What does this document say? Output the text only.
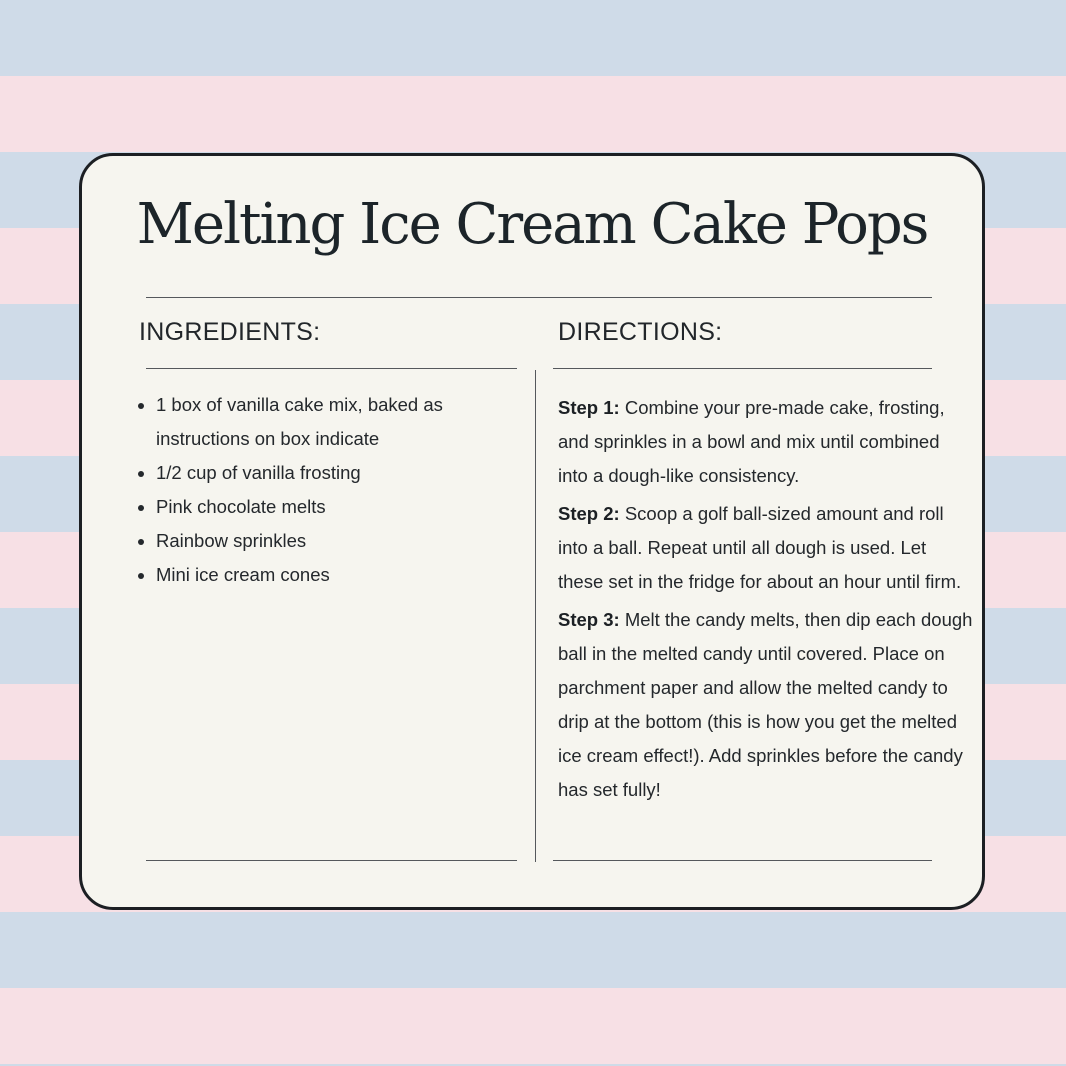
Melting Ice Cream Cake Pops
INGREDIENTS:	DIRECTIONS:
• 1 box of vanilla cake mix, baked as instructions on box indicate
• 1/2 cup of vanilla frosting
• Pink chocolate melts
• Rainbow sprinkles
• Mini ice cream cones

Step 1: Combine your pre-made cake, frosting, and sprinkles in a bowl and mix until combined into a dough-like consistency.

Step 2: Scoop a golf ball-sized amount and roll into a ball. Repeat until all dough is used. Let these set in the fridge for about an hour until firm.

Step 3: Melt the candy melts, then dip each dough ball in the melted candy until covered. Place on parchment paper and allow the melted candy to drip at the bottom (this is how you get the melted ice cream effect!). Add sprinkles before the candy has set fully!
